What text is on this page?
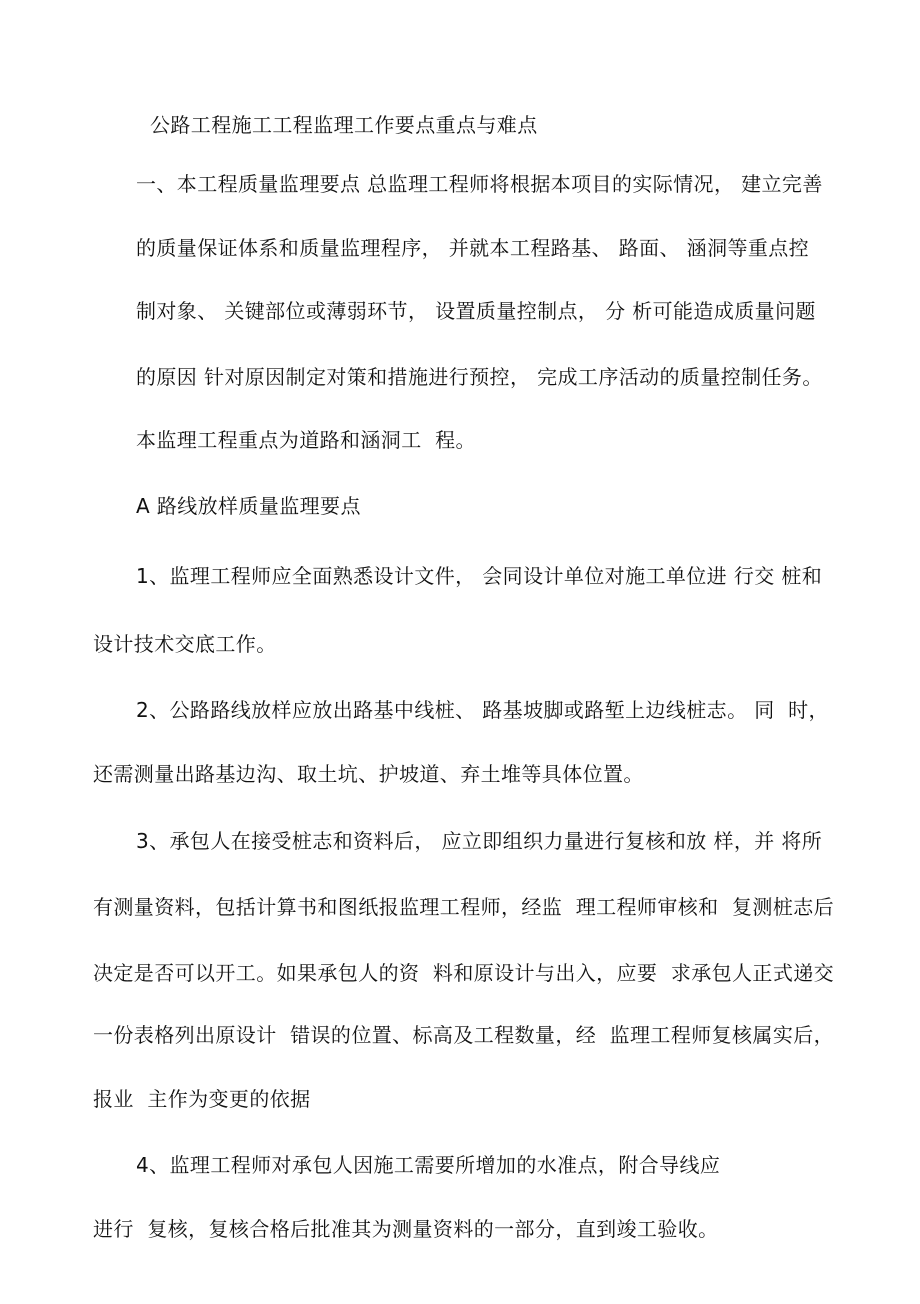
公路工程施工工程监理工作要点重点与难点
一、本工程质量监理要点 总监理工程师将根据本项目的实际情况， 建立完善
的质量保证体系和质量监理程序， 并就本工程路基、 路面、 涵洞等重点控
制对象、 关键部位或薄弱环节， 设置质量控制点， 分 析可能造成质量问题
的原因 针对原因制定对策和措施进行预控， 完成工序活动的质量控制任务。
本监理工程重点为道路和涵洞工  程。
A 路线放样质量监理要点
1、监理工程师应全面熟悉设计文件， 会同设计单位对施工单位进 行交 桩和
设计技术交底工作。
2、公路路线放样应放出路基中线桩、 路基坡脚或路堑上边线桩志。 同  时，
还需测量出路基边沟、取土坑、护坡道、弃土堆等具体位置。
3、承包人在接受桩志和资料后， 应立即组织力量进行复核和放 样，并 将所
有测量资料，包括计算书和图纸报监理工程师，经监  理工程师审核和  复测桩志后
决定是否可以开工。如果承包人的资  料和原设计与出入，应要  求承包人正式递交
一份表格列出原设计  错误的位置、标高及工程数量，经  监理工程师复核属实后，
报业  主作为变更的依据
4、监理工程师对承包人因施工需要所增加的水准点，附合导线应
进行  复核，复核合格后批准其为测量资料的一部分，直到竣工验收。
